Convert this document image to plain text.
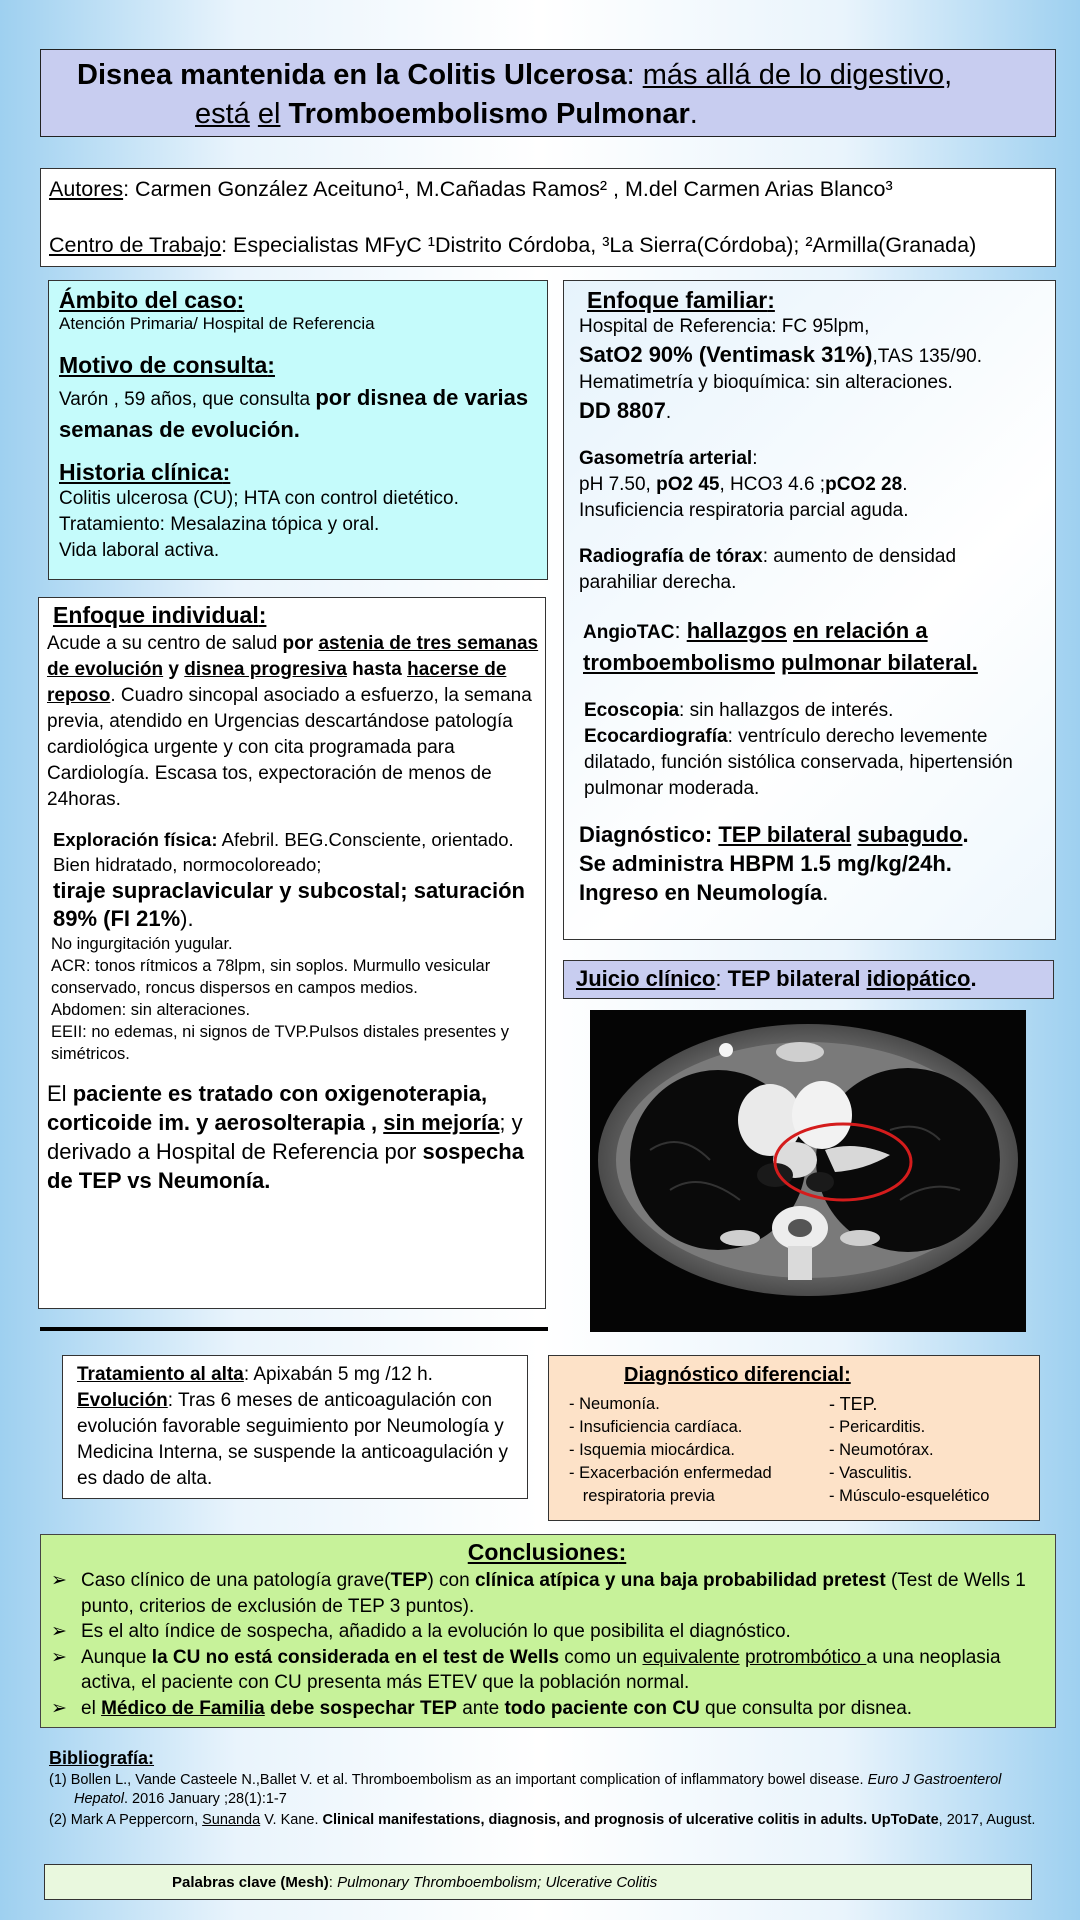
Disnea mantenida en la Colitis Ulcerosa: más allá de lo digestivo,
está el Tromboembolismo Pulmonar.

Autores: Carmen González Aceituno¹, M.Cañadas Ramos² , M.del Carmen Arias Blanco³

Centro de Trabajo: Especialistas MFyC ¹Distrito Córdoba, ³La Sierra(Córdoba); ²Armilla(Granada)

Ámbito del caso:
Atención Primaria/ Hospital de Referencia
Motivo de consulta:
Varón , 59 años, que consulta por disnea de varias semanas de evolución.
Historia clínica:
Colitis ulcerosa (CU); HTA con control dietético.
Tratamiento: Mesalazina tópica y oral.
Vida laboral activa.
Enfoque individual:
Acude a su centro de salud por astenia de tres semanas de evolución y disnea progresiva hasta hacerse de reposo. Cuadro sincopal asociado a esfuerzo, la semana previa, atendido en Urgencias descartándose patología cardiológica urgente y con cita programada para Cardiología. Escasa tos, expectoración de menos de 24horas.
Exploración física: Afebril. BEG.Consciente, orientado. Bien hidratado, normocoloreado;
tiraje supraclavicular y subcostal; saturación 89% (FI 21%).
No ingurgitación yugular.
ACR: tonos rítmicos a 78lpm, sin soplos. Murmullo vesicular conservado, roncus dispersos en campos medios.
Abdomen: sin alteraciones.
EEII: no edemas, ni signos de TVP.Pulsos distales presentes y simétricos.
El paciente es tratado con oxigenoterapia, corticoide im. y aerosolterapia , sin mejoría; y derivado a Hospital de Referencia por sospecha de TEP vs Neumonía.
Enfoque familiar:
Hospital de Referencia: FC 95lpm,
SatO2 90% (Ventimask 31%),TAS 135/90.
Hematimetría y bioquímica: sin alteraciones.
DD 8807.
Gasometría arterial:
pH 7.50, pO2 45, HCO3 4.6 ;pCO2 28.
Insuficiencia respiratoria parcial aguda.
Radiografía de tórax: aumento de densidad parahiliar derecha.
AngioTAC: hallazgos en relación a
tromboembolismo pulmonar bilateral.
Ecoscopia: sin hallazgos de interés.
Ecocardiografía: ventrículo derecho levemente dilatado, función sistólica conservada, hipertensión pulmonar moderada.
Diagnóstico: TEP bilateral subagudo.
Se administra HBPM 1.5 mg/kg/24h.
Ingreso en Neumología.
Juicio clínico: TEP bilateral idiopático.
Tratamiento al alta: Apixabán 5 mg /12 h.
Evolución: Tras 6 meses de anticoagulación con evolución favorable seguimiento por Neumología y Medicina Interna, se suspende la anticoagulación y es dado de alta.
Diagnóstico diferencial:
- Neumonía.
- Insuficiencia cardíaca.
- Isquemia miocárdica.
- Exacerbación enfermedad
respiratoria previa
- TEP.
- Pericarditis.
- Neumotórax.
- Vasculitis.
- Músculo-esquelético
Conclusiones:
➢ Caso clínico de una patología grave(TEP) con clínica atípica y una baja probabilidad pretest (Test de Wells 1 punto, criterios de exclusión de TEP 3 puntos).
➢ Es el alto índice de sospecha, añadido a la evolución lo que posibilita el diagnóstico.
➢ Aunque la CU no está considerada en el test de Wells como un equivalente protrombótico a una neoplasia activa, el paciente con CU presenta más ETEV que la población normal.
➢ el Médico de Familia debe sospechar TEP ante todo paciente con CU que consulta por disnea.
Bibliografía:
(1) Bollen L., Vande Casteele N.,Ballet V. et al. Thromboembolism as an important complication of inflammatory bowel disease. Euro J Gastroenterol Hepatol. 2016 January ;28(1):1-7
(2) Mark A Peppercorn, Sunanda V. Kane. Clinical manifestations, diagnosis, and prognosis of ulcerative colitis in adults. UpToDate, 2017, August.
Palabras clave (Mesh): Pulmonary Thromboembolism; Ulcerative Colitis
